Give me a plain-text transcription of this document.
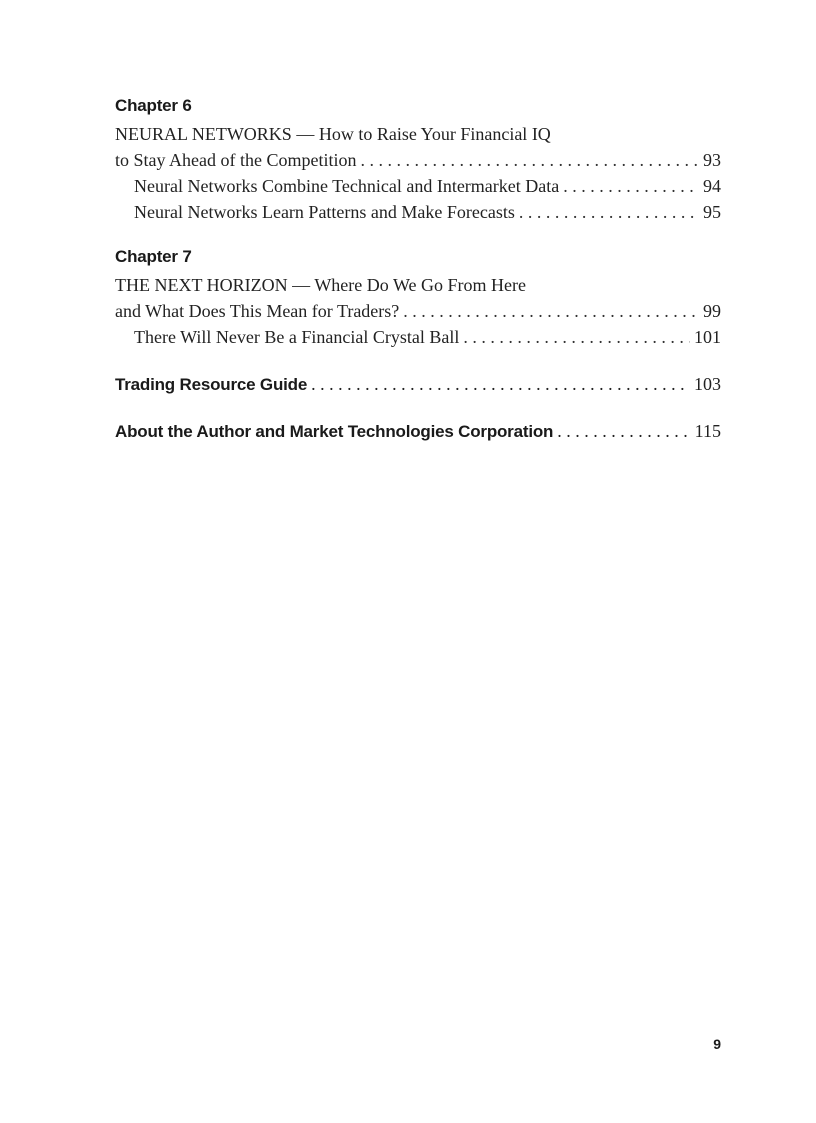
Chapter 6
NEURAL NETWORKS — How to Raise Your Financial IQ
to Stay Ahead of the Competition . . .	93
Neural Networks Combine Technical and Intermarket Data . . .	94
Neural Networks Learn Patterns and Make Forecasts . . .	95
Chapter 7
THE NEXT HORIZON — Where Do We Go From Here
and What Does This Mean for Traders? . . .	99
There Will Never Be a Financial Crystal Ball . . .	101
Trading Resource Guide . . .	103
About the Author and Market Technologies Corporation . . .	115
9
